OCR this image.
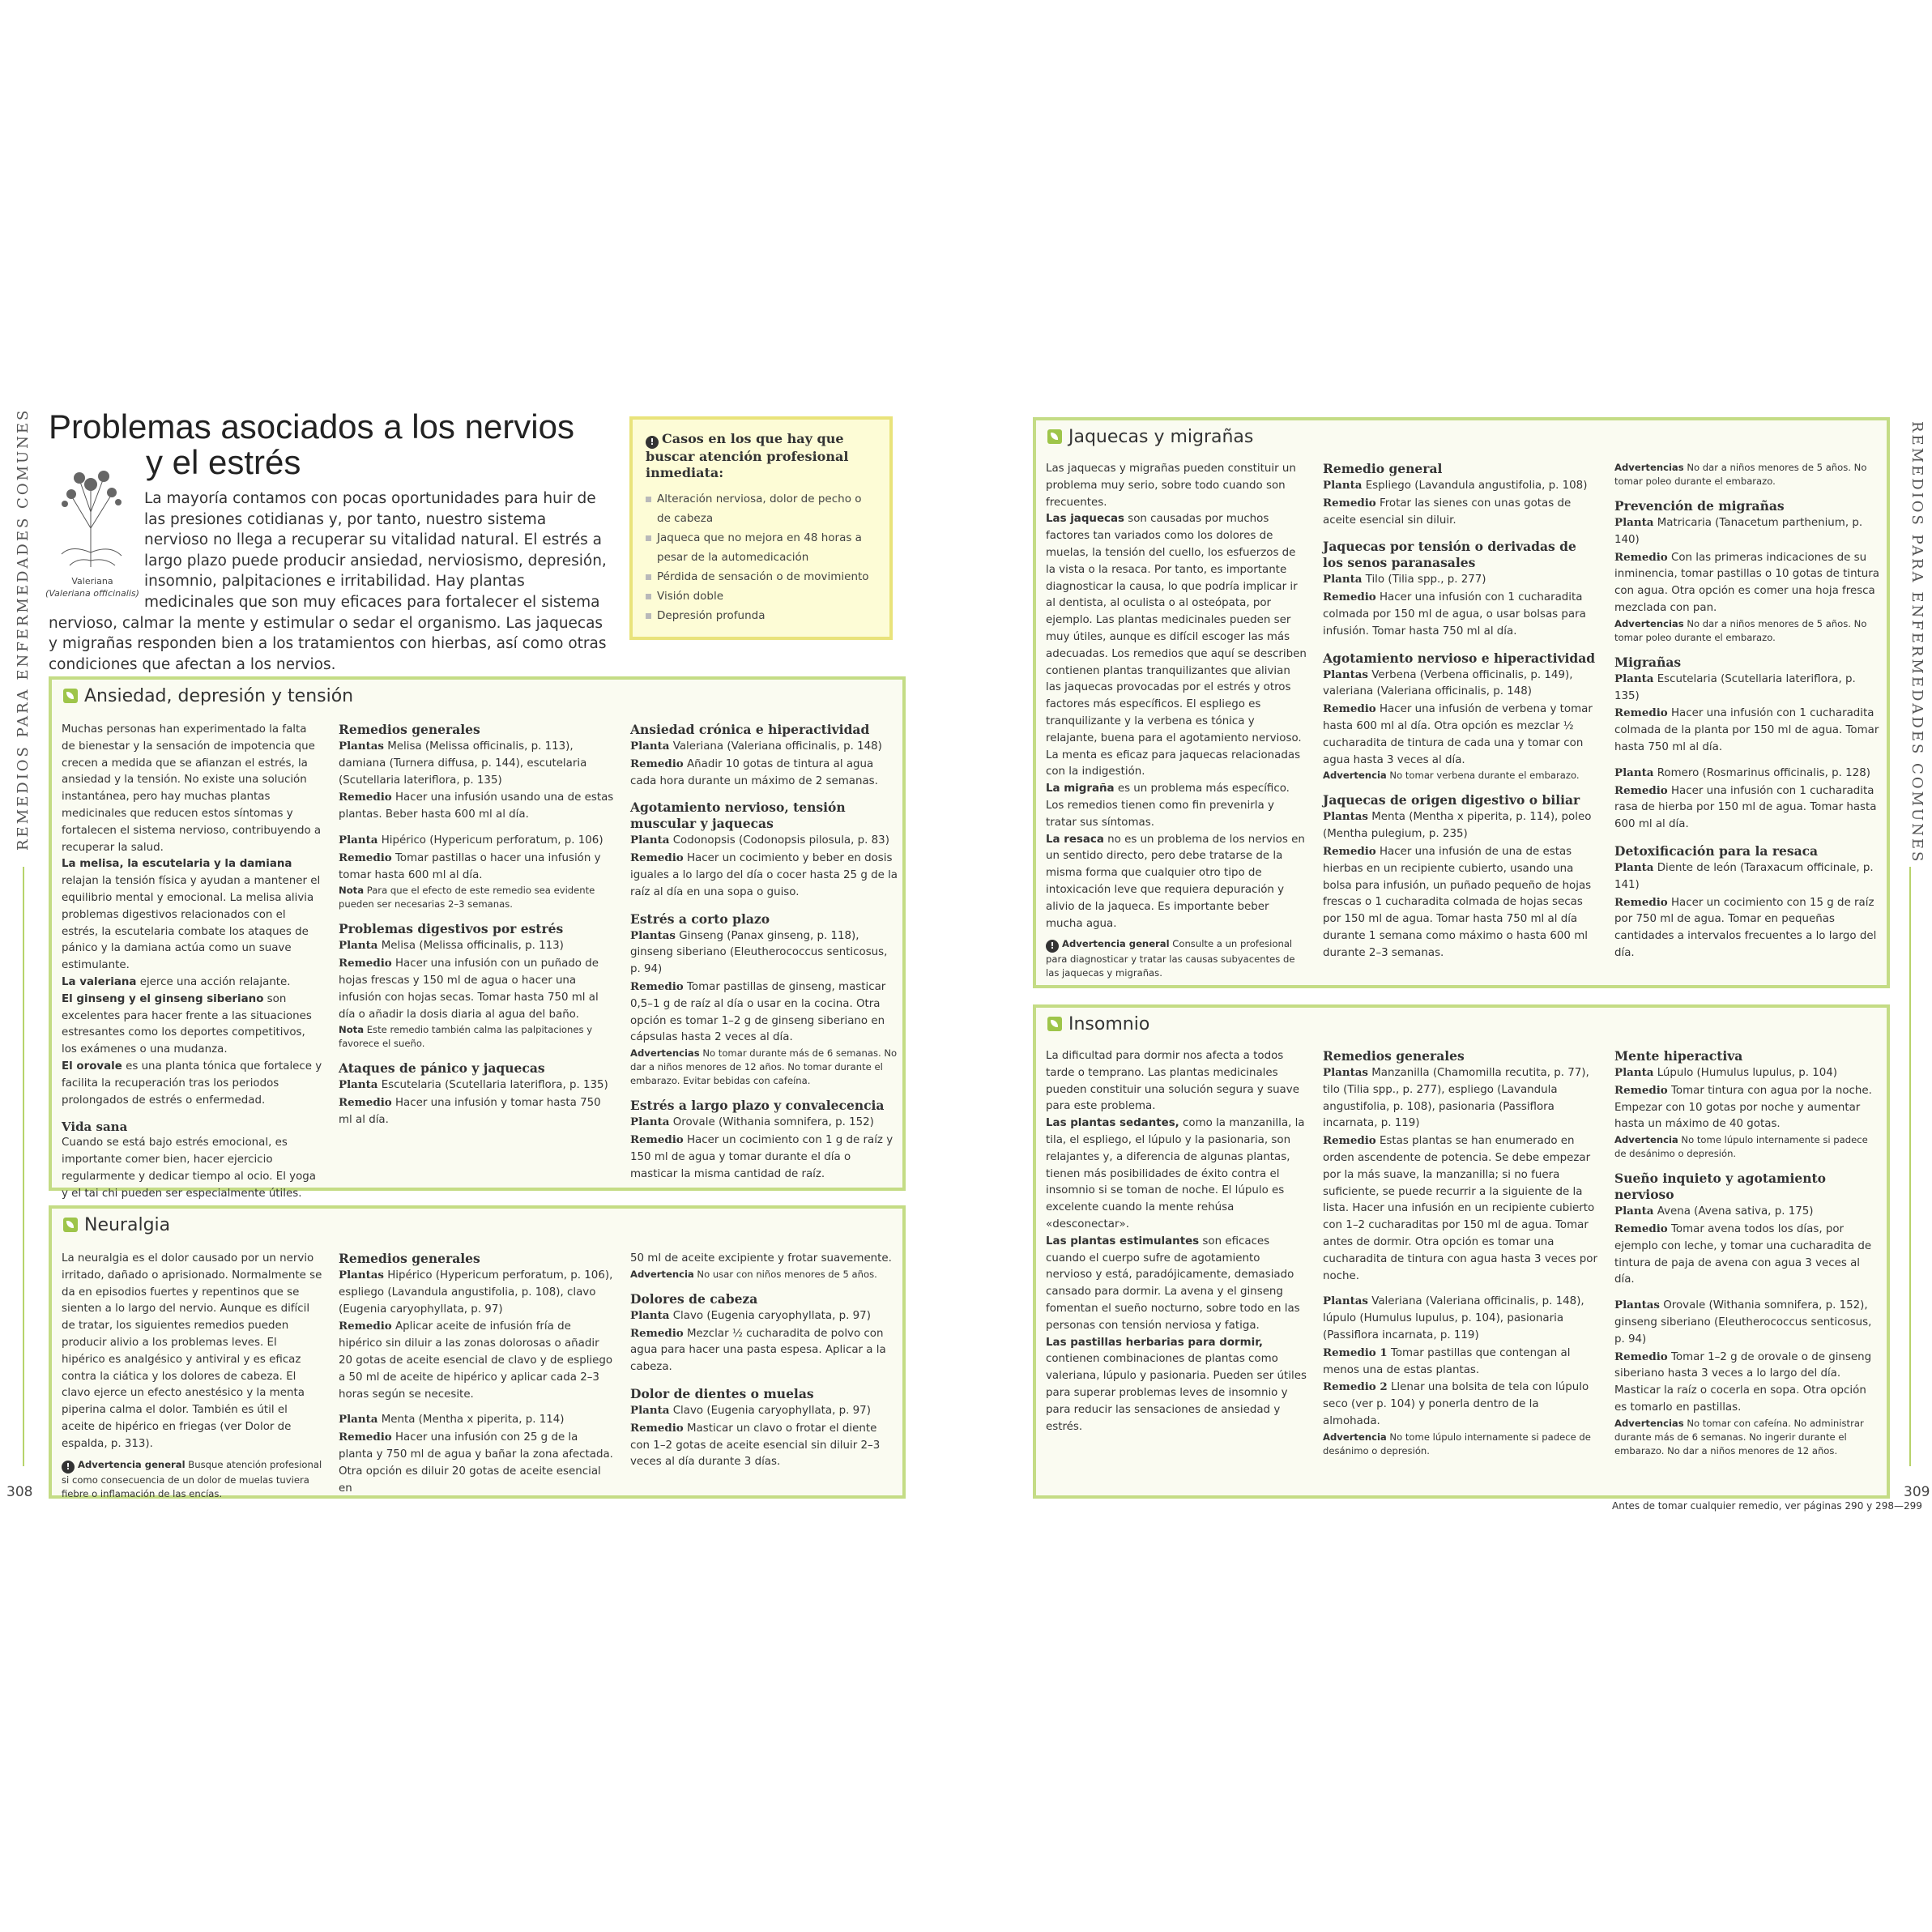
REMEDIOS PARA ENFERMEDADES COMUNES	REMEDIOS PARA ENFERMEDADES COMUNES
308	309
Problemas asociados a los nervios
y el estrés
Valeriana
(Valeriana officinalis)
La mayoría contamos con pocas oportunidades para huir de las presiones cotidianas y, por tanto, nuestro sistema nervioso no llega a recuperar su vitalidad natural. El estrés a largo plazo puede producir ansiedad, nerviosismo, depresión, insomnio, palpitaciones e irritabilidad. Hay plantas medicinales que son muy eficaces para fortalecer el sistema nervioso, calmar la mente y estimular o sedar el organismo. Las jaquecas y migrañas responden bien a los tratamientos con hierbas, así como otras condiciones que afectan a los nervios.
! Casos en los que hay que buscar atención profesional inmediata:
Alteración nerviosa, dolor de pecho o de cabeza
Jaqueca que no mejora en 48 horas a pesar de la automedicación
Pérdida de sensación o de movimiento
Visión doble
Depresión profunda
Ansiedad, depresión y tensión

Muchas personas han experimentado la falta de bienestar y la sensación de impotencia que crecen a medida que se afianzan el estrés, la ansiedad y la tensión. No existe una solución instantánea, pero hay muchas plantas medicinales que reducen estos síntomas y fortalecen el sistema nervioso, contribuyendo a recuperar la salud.

La melisa, la escutelaria y la damiana relajan la tensión física y ayudan a mantener el equilibrio mental y emocional. La melisa alivia problemas digestivos relacionados con el estrés, la escutelaria combate los ataques de pánico y la damiana actúa como un suave estimulante.

La valeriana ejerce una acción relajante.

El ginseng y el ginseng siberiano son excelentes para hacer frente a las situaciones estresantes como los deportes competitivos, los exámenes o una mudanza.

El orovale es una planta tónica que fortalece y facilita la recuperación tras los periodos prolongados de estrés o enfermedad.

Vida sana

Cuando se está bajo estrés emocional, es importante comer bien, hacer ejercicio regularmente y dedicar tiempo al ocio. El yoga y el tai chi pueden ser especialmente útiles.

Remedios generales

Plantas Melisa (Melissa officinalis, p. 113), damiana (Turnera diffusa, p. 144), escutelaria (Scutellaria lateriflora, p. 135)

Remedio Hacer una infusión usando una de estas plantas. Beber hasta 600 ml al día.

Planta Hipérico (Hypericum perforatum, p. 106)

Remedio Tomar pastillas o hacer una infusión y tomar hasta 600 ml al día.

Nota Para que el efecto de este remedio sea evidente pueden ser necesarias 2–3 semanas.

Problemas digestivos por estrés

Planta Melisa (Melissa officinalis, p. 113)

Remedio Hacer una infusión con un puñado de hojas frescas y 150 ml de agua o hacer una infusión con hojas secas. Tomar hasta 750 ml al día o añadir la dosis diaria al agua del baño.

Nota Este remedio también calma las palpitaciones y favorece el sueño.

Ataques de pánico y jaquecas

Planta Escutelaria (Scutellaria lateriflora, p. 135)

Remedio Hacer una infusión y tomar hasta 750 ml al día.

Ansiedad crónica e hiperactividad

Planta Valeriana (Valeriana officinalis, p. 148)

Remedio Añadir 10 gotas de tintura al agua cada hora durante un máximo de 2 semanas.

Agotamiento nervioso, tensión muscular y jaquecas

Planta Codonopsis (Codonopsis pilosula, p. 83)

Remedio Hacer un cocimiento y beber en dosis iguales a lo largo del día o cocer hasta 25 g de la raíz al día en una sopa o guiso.

Estrés a corto plazo

Plantas Ginseng (Panax ginseng, p. 118), ginseng siberiano (Eleutherococcus senticosus, p. 94)

Remedio Tomar pastillas de ginseng, masticar 0,5–1 g de raíz al día o usar en la cocina. Otra opción es tomar 1–2 g de ginseng siberiano en cápsulas hasta 2 veces al día.

Advertencias No tomar durante más de 6 semanas. No dar a niños menores de 12 años. No tomar durante el embarazo. Evitar bebidas con cafeína.

Estrés a largo plazo y convalecencia

Planta Orovale (Withania somnifera, p. 152)

Remedio Hacer un cocimiento con 1 g de raíz y 150 ml de agua y tomar durante el día o masticar la misma cantidad de raíz.

Neuralgia

La neuralgia es el dolor causado por un nervio irritado, dañado o aprisionado. Normalmente se da en episodios fuertes y repentinos que se sienten a lo largo del nervio. Aunque es difícil de tratar, los siguientes remedios pueden producir alivio a los problemas leves. El hipérico es analgésico y antiviral y es eficaz contra la ciática y los dolores de cabeza. El clavo ejerce un efecto anestésico y la menta piperina calma el dolor. También es útil el aceite de hipérico en friegas (ver Dolor de espalda, p. 313).

! Advertencia general Busque atención profesional si como consecuencia de un dolor de muelas tuviera fiebre o inflamación de las encías.

Remedios generales

Plantas Hipérico (Hypericum perforatum, p. 106), espliego (Lavandula angustifolia, p. 108), clavo (Eugenia caryophyllata, p. 97)

Remedio Aplicar aceite de infusión fría de hipérico sin diluir a las zonas dolorosas o añadir 20 gotas de aceite esencial de clavo y de espliego a 50 ml de aceite de hipérico y aplicar cada 2–3 horas según se necesite.

Planta Menta (Mentha x piperita, p. 114)

Remedio Hacer una infusión con 25 g de la planta y 750 ml de agua y bañar la zona afectada. Otra opción es diluir 20 gotas de aceite esencial en

50 ml de aceite excipiente y frotar suavemente.

Advertencia No usar con niños menores de 5 años.

Dolores de cabeza

Planta Clavo (Eugenia caryophyllata, p. 97)

Remedio Mezclar ½ cucharadita de polvo con agua para hacer una pasta espesa. Aplicar a la cabeza.

Dolor de dientes o muelas

Planta Clavo (Eugenia caryophyllata, p. 97)

Remedio Masticar un clavo o frotar el diente con 1–2 gotas de aceite esencial sin diluir 2–3 veces al día durante 3 días.

Jaquecas y migrañas

Las jaquecas y migrañas pueden constituir un problema muy serio, sobre todo cuando son frecuentes.

Las jaquecas son causadas por muchos factores tan variados como los dolores de muelas, la tensión del cuello, los esfuerzos de la vista o la resaca. Por tanto, es importante diagnosticar la causa, lo que podría implicar ir al dentista, al oculista o al osteópata, por ejemplo. Las plantas medicinales pueden ser muy útiles, aunque es difícil escoger las más adecuadas. Los remedios que aquí se describen contienen plantas tranquilizantes que alivian las jaquecas provocadas por el estrés y otros factores más específicos. El espliego es tranquilizante y la verbena es tónica y relajante, buena para el agotamiento nervioso. La menta es eficaz para jaquecas relacionadas con la indigestión.

La migraña es un problema más específico. Los remedios tienen como fin prevenirla y tratar sus síntomas.

La resaca no es un problema de los nervios en un sentido directo, pero debe tratarse de la misma forma que cualquier otro tipo de intoxicación leve que requiera depuración y alivio de la jaqueca. Es importante beber mucha agua.

! Advertencia general Consulte a un profesional para diagnosticar y tratar las causas subyacentes de las jaquecas y migrañas.

Remedio general

Planta Espliego (Lavandula angustifolia, p. 108)

Remedio Frotar las sienes con unas gotas de aceite esencial sin diluir.

Jaquecas por tensión o derivadas de los senos paranasales

Planta Tilo (Tilia spp., p. 277)

Remedio Hacer una infusión con 1 cucharadita colmada por 150 ml de agua, o usar bolsas para infusión. Tomar hasta 750 ml al día.

Agotamiento nervioso e hiperactividad

Plantas Verbena (Verbena officinalis, p. 149), valeriana (Valeriana officinalis, p. 148)

Remedio Hacer una infusión de verbena y tomar hasta 600 ml al día. Otra opción es mezclar ½ cucharadita de tintura de cada una y tomar con agua hasta 3 veces al día.

Advertencia No tomar verbena durante el embarazo.

Jaquecas de origen digestivo o biliar

Plantas Menta (Mentha x piperita, p. 114), poleo (Mentha pulegium, p. 235)

Remedio Hacer una infusión de una de estas hierbas en un recipiente cubierto, usando una bolsa para infusión, un puñado pequeño de hojas frescas o 1 cucharadita colmada de hojas secas por 150 ml de agua. Tomar hasta 750 ml al día durante 1 semana como máximo o hasta 600 ml durante 2–3 semanas.

Advertencias No dar a niños menores de 5 años. No tomar poleo durante el embarazo.

Prevención de migrañas

Planta Matricaria (Tanacetum parthenium, p. 140)

Remedio Con las primeras indicaciones de su inminencia, tomar pastillas o 10 gotas de tintura con agua. Otra opción es comer una hoja fresca mezclada con pan.

Advertencias No dar a niños menores de 5 años. No tomar poleo durante el embarazo.

Migrañas

Planta Escutelaria (Scutellaria lateriflora, p. 135)

Remedio Hacer una infusión con 1 cucharadita colmada de la planta por 150 ml de agua. Tomar hasta 750 ml al día.

Planta Romero (Rosmarinus officinalis, p. 128)

Remedio Hacer una infusión con 1 cucharadita rasa de hierba por 150 ml de agua. Tomar hasta 600 ml al día.

Detoxificación para la resaca

Planta Diente de león (Taraxacum officinale, p. 141)

Remedio Hacer un cocimiento con 15 g de raíz por 750 ml de agua. Tomar en pequeñas cantidades a intervalos frecuentes a lo largo del día.

Insomnio

La dificultad para dormir nos afecta a todos tarde o temprano. Las plantas medicinales pueden constituir una solución segura y suave para este problema.

Las plantas sedantes, como la manzanilla, la tila, el espliego, el lúpulo y la pasionaria, son relajantes y, a diferencia de algunas plantas, tienen más posibilidades de éxito contra el insomnio si se toman de noche. El lúpulo es excelente cuando la mente rehúsa «desconectar».

Las plantas estimulantes son eficaces cuando el cuerpo sufre de agotamiento nervioso y está, paradójicamente, demasiado cansado para dormir. La avena y el ginseng fomentan el sueño nocturno, sobre todo en las personas con tensión nerviosa y fatiga.

Las pastillas herbarias para dormir, contienen combinaciones de plantas como valeriana, lúpulo y pasionaria. Pueden ser útiles para superar problemas leves de insomnio y para reducir las sensaciones de ansiedad y estrés.

Remedios generales

Plantas Manzanilla (Chamomilla recutita, p. 77), tilo (Tilia spp., p. 277), espliego (Lavandula angustifolia, p. 108), pasionaria (Passiflora incarnata, p. 119)

Remedio Estas plantas se han enumerado en orden ascendente de potencia. Se debe empezar por la más suave, la manzanilla; si no fuera suficiente, se puede recurrir a la siguiente de la lista. Hacer una infusión en un recipiente cubierto con 1–2 cucharaditas por 150 ml de agua. Tomar antes de dormir. Otra opción es tomar una cucharadita de tintura con agua hasta 3 veces por noche.

Plantas Valeriana (Valeriana officinalis, p. 148), lúpulo (Humulus lupulus, p. 104), pasionaria (Passiflora incarnata, p. 119)

Remedio 1 Tomar pastillas que contengan al menos una de estas plantas.

Remedio 2 Llenar una bolsita de tela con lúpulo seco (ver p. 104) y ponerla dentro de la almohada.

Advertencia No tome lúpulo internamente si padece de desánimo o depresión.

Mente hiperactiva

Planta Lúpulo (Humulus lupulus, p. 104)

Remedio Tomar tintura con agua por la noche. Empezar con 10 gotas por noche y aumentar hasta un máximo de 40 gotas.

Advertencia No tome lúpulo internamente si padece de desánimo o depresión.

Sueño inquieto y agotamiento nervioso

Planta Avena (Avena sativa, p. 175)

Remedio Tomar avena todos los días, por ejemplo con leche, y tomar una cucharadita de tintura de paja de avena con agua 3 veces al día.

Plantas Orovale (Withania somnifera, p. 152), ginseng siberiano (Eleutherococcus senticosus, p. 94)

Remedio Tomar 1–2 g de orovale o de ginseng siberiano hasta 3 veces a lo largo del día. Masticar la raíz o cocerla en sopa. Otra opción es tomarlo en pastillas.

Advertencias No tomar con cafeína. No administrar durante más de 6 semanas. No ingerir durante el embarazo. No dar a niños menores de 12 años.

Antes de tomar cualquier remedio, ver páginas 290 y 298—299
